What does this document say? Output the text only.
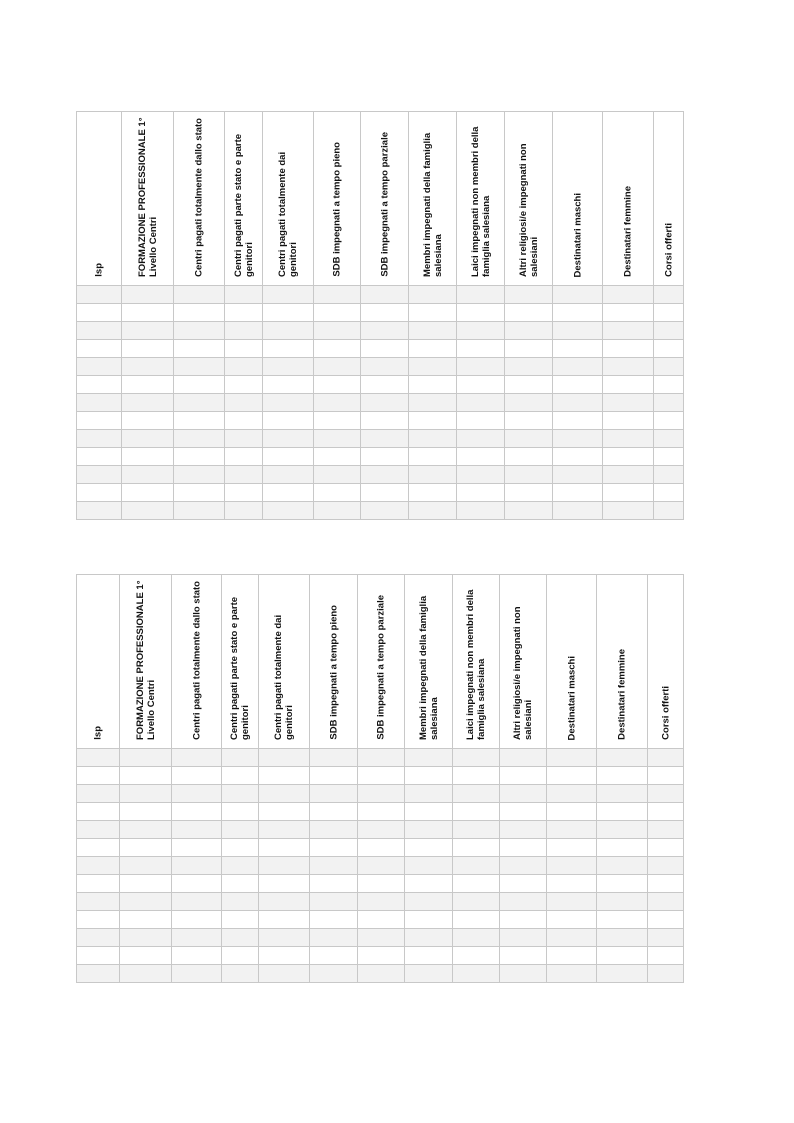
Isp	FORMAZIONE PROFESSIONALE 1° Livello Centri	Centri pagati totalmente dallo stato	Centri pagati parte stato e parte genitori	Centri pagati totalmente dai genitori	SDB impegnati a tempo pieno	SDB impegnati a tempo parziale	Membri impegnati della famiglia salesiana	Laici impegnati non membri della famiglia salesiana	Altri religiosi/e impegnati non salesiani	Destinatari maschi	Destinatari femmine	Corsi offerti

Isp	FORMAZIONE PROFESSIONALE 1° Livello Centri	Centri pagati totalmente dallo stato	Centri pagati parte stato e parte genitori	Centri pagati totalmente dai genitori	SDB impegnati a tempo pieno	SDB impegnati a tempo parziale	Membri impegnati della famiglia salesiana	Laici impegnati non membri della famiglia salesiana	Altri religiosi/e impegnati non salesiani	Destinatari maschi	Destinatari femmine	Corsi offerti
